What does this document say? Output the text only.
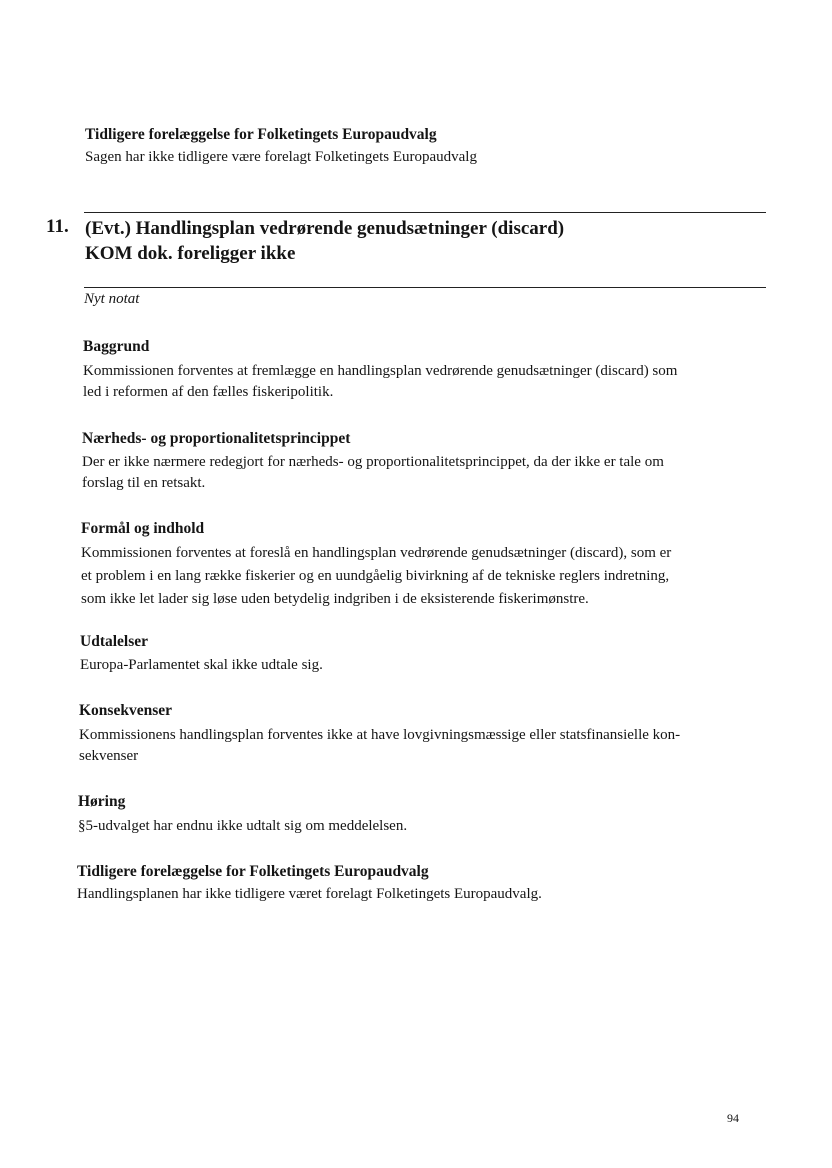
Tidligere forelæggelse for Folketingets Europaudvalg
Sagen har ikke tidligere være forelagt Folketingets Europaudvalg
11. (Evt.) Handlingsplan vedrørende genudsætninger (discard)
KOM dok. foreligger ikke
Nyt notat
Baggrund
Kommissionen forventes at fremlægge en handlingsplan vedrørende genudsætninger (discard) som
led i reformen af den fælles fiskeripolitik.
Nærheds- og proportionalitetsprincippet
Der er ikke nærmere redegjort for nærheds- og proportionalitetsprincippet, da der ikke er tale om
forslag til en retsakt.
Formål og indhold
Kommissionen forventes at foreslå en handlingsplan vedrørende genudsætninger (discard), som er
et problem i en lang række fiskerier og en uundgåelig bivirkning af de tekniske reglers indretning,
som ikke let lader sig løse uden betydelig indgriben i de eksisterende fiskerimønstre.
Udtalelser
Europa-Parlamentet skal ikke udtale sig.
Konsekvenser
Kommissionens handlingsplan forventes ikke at have lovgivningsmæssige eller statsfinansielle kon-
sekvenser
Høring
§5-udvalget har endnu ikke udtalt sig om meddelelsen.
Tidligere forelæggelse for Folketingets Europaudvalg
Handlingsplanen har ikke tidligere været forelagt Folketingets Europaudvalg.
94
